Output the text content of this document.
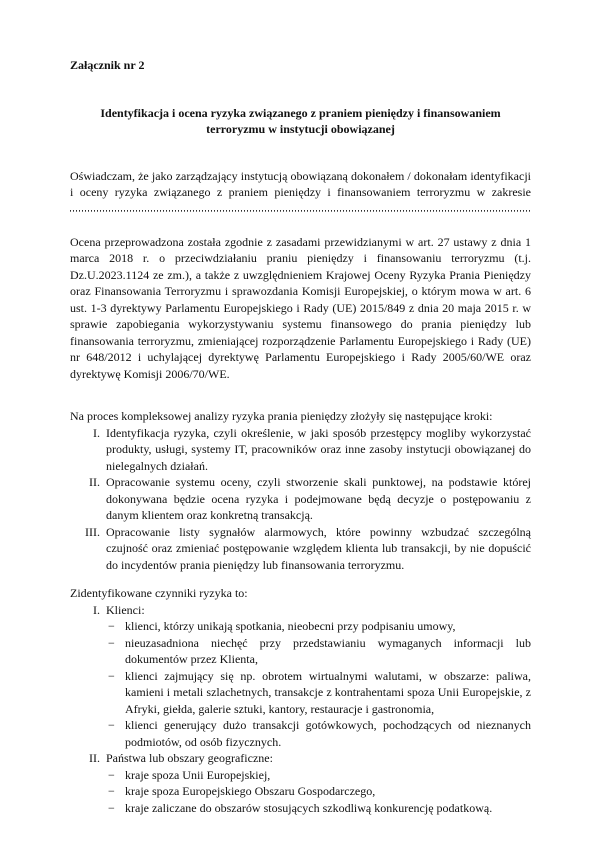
Załącznik nr 2
Identyfikacja i ocena ryzyka związanego z praniem pieniędzy i finansowaniem terroryzmu w instytucji obowiązanej

Oświadczam, że jako zarządzający instytucją obowiązaną dokonałem / dokonałam identyfikacji i oceny ryzyka związanego z praniem pieniędzy i finansowaniem terroryzmu w zakresie

Ocena przeprowadzona została zgodnie z zasadami przewidzianymi w art. 27 ustawy z dnia 1 marca 2018 r. o przeciwdziałaniu praniu pieniędzy i finansowaniu terroryzmu (t.j. Dz.U.2023.1124 ze zm.), a także z uwzględnieniem Krajowej Oceny Ryzyka Prania Pieniędzy oraz Finansowania Terroryzmu i sprawozdania Komisji Europejskiej, o którym mowa w art. 6 ust. 1-3 dyrektywy Parlamentu Europejskiego i Rady (UE) 2015/849 z dnia 20 maja 2015 r. w sprawie zapobiegania wykorzystywaniu systemu finansowego do prania pieniędzy lub finansowania terroryzmu, zmieniającej rozporządzenie Parlamentu Europejskiego i Rady (UE) nr 648/2012 i uchylającej dyrektywę Parlamentu Europejskiego i Rady 2005/60/WE oraz dyrektywę Komisji 2006/70/WE.

Na proces kompleksowej analizy ryzyka prania pieniędzy złożyły się następujące kroki:

I. Identyfikacja ryzyka, czyli określenie, w jaki sposób przestępcy mogliby wykorzystać produkty, usługi, systemy IT, pracowników oraz inne zasoby instytucji obowiązanej do nielegalnych działań.
II. Opracowanie systemu oceny, czyli stworzenie skali punktowej, na podstawie której dokonywana będzie ocena ryzyka i podejmowane będą decyzje o postępowaniu z danym klientem oraz konkretną transakcją.
III. Opracowanie listy sygnałów alarmowych, które powinny wzbudzać szczególną czujność oraz zmieniać postępowanie względem klienta lub transakcji, by nie dopuścić do incydentów prania pieniędzy lub finansowania terroryzmu.

Zidentyfikowane czynniki ryzyka to:

I. Klienci:
− klienci, którzy unikają spotkania, nieobecni przy podpisaniu umowy,
− nieuzasadniona niechęć przy przedstawianiu wymaganych informacji lub dokumentów przez Klienta,
− klienci zajmujący się np. obrotem wirtualnymi walutami, w obszarze: paliwa, kamieni i metali szlachetnych, transakcje z kontrahentami spoza Unii Europejskie, z Afryki, giełda, galerie sztuki, kantory, restauracje i gastronomia,
− klienci generujący dużo transakcji gotówkowych, pochodzących od nieznanych podmiotów, od osób fizycznych.
II. Państwa lub obszary geograficzne:
− kraje spoza Unii Europejskiej,
− kraje spoza Europejskiego Obszaru Gospodarczego,
− kraje zaliczane do obszarów stosujących szkodliwą konkurencję podatkową.
